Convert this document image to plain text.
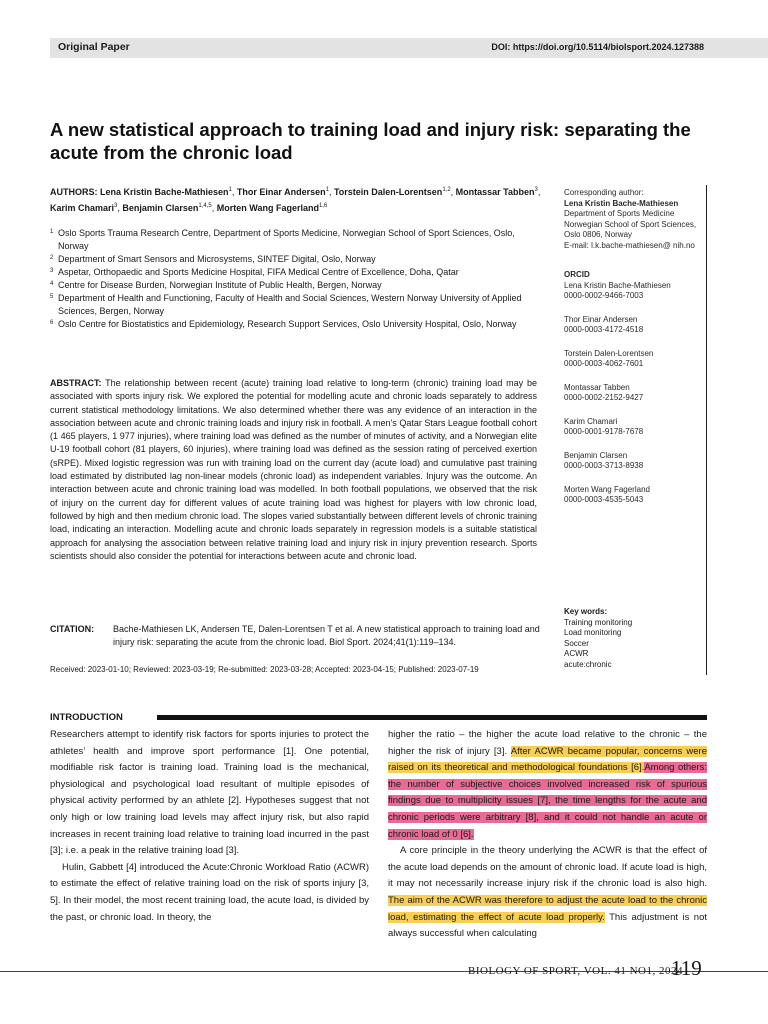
Original Paper	DOI: https://doi.org/10.5114/biolsport.2024.127388
A new statistical approach to training load and injury risk: separating the acute from the chronic load
AUTHORS: Lena Kristin Bache-Mathiesen$^1$, Thor Einar Andersen$^1$, Torstein Dalen-Lorentsen$^{1,2}$, Montassar Tabben$^3$, Karim Chamari$^3$, Benjamin Clarsen$^{1,4,5}$, Morten Wang Fagerland$^{1,6}$
1 Oslo Sports Trauma Research Centre, Department of Sports Medicine, Norwegian School of Sport Sciences, Oslo, Norway
2 Department of Smart Sensors and Microsystems, SINTEF Digital, Oslo, Norway
3 Aspetar, Orthopaedic and Sports Medicine Hospital, FIFA Medical Centre of Excellence, Doha, Qatar
4 Centre for Disease Burden, Norwegian Institute of Public Health, Bergen, Norway
5 Department of Health and Functioning, Faculty of Health and Social Sciences, Western Norway University of Applied Sciences, Bergen, Norway
6 Oslo Centre for Biostatistics and Epidemiology, Research Support Services, Oslo University Hospital, Oslo, Norway
ABSTRACT: The relationship between recent (acute) training load relative to long-term (chronic) training load may be associated with sports injury risk. We explored the potential for modelling acute and chronic loads separately to address current statistical methodology limitations. We also determined whether there was any evidence of an interaction in the association between acute and chronic training loads and injury risk in football. A men’s Qatar Stars League football cohort (1 465 players, 1 977 injuries), where training load was defined as the number of minutes of activity, and a Norwegian elite U-19 football cohort (81 players, 60 injuries), where training load was defined as the session rating of perceived exertion (sRPE). Mixed logistic regression was run with training load on the current day (acute load) and cumulative past training load estimated by distributed lag non-linear models (chronic load) as independent variables. Injury was the outcome. An interaction between acute and chronic training load was modelled. In both football populations, we observed that the risk of injury on the current day for different values of acute training load was highest for players with low chronic load, followed by high and then medium chronic load. The slopes varied substantially between different levels of chronic training load, indicating an interaction. Modelling acute and chronic loads separately in regression models is a suitable statistical approach for analysing the association between relative training load and injury risk in injury prevention research. Sports scientists should also consider the potential for interactions between acute and chronic load.
CITATION: Bache-Mathiesen LK, Andersen TE, Dalen-Lorentsen T et al. A new statistical approach to training load and injury risk: separating the acute from the chronic load. Biol Sport. 2024;41(1):119–134.
Received: 2023-01-10; Reviewed: 2023-03-19; Re-submitted: 2023-03-28; Accepted: 2023-04-15; Published: 2023-07-19
Corresponding author:
Lena Kristin Bache-Mathiesen
Department of Sports Medicine Norwegian School of Sport Sciences, Oslo 0806, Norway
E-mail: l.k.bache-mathiesen@ nih.no
ORCID
Lena Kristin Bache-Mathiesen
0000-0002-9466-7003
Thor Einar Andersen
0000-0003-4172-4518
Torstein Dalen-Lorentsen
0000-0003-4062-7601
Montassar Tabben
0000-0002-2152-9427
Karim Chamari
0000-0001-9178-7678
Benjamin Clarsen
0000-0003-3713-8938
Morten Wang Fagerland
0000-0003-4535-5043
Key words:
Training monitoring
Load monitoring
Soccer
ACWR
acute:chronic
INTRODUCTION

Researchers attempt to identify risk factors for sports injuries to protect the athletes’ health and improve sport performance [1]. One potential, modifiable risk factor is training load. Training load is the mechanical, physiological and psychological load resultant of multiple episodes of physical activity performed by an athlete [2]. Hypotheses suggest that not only high or low training load levels may affect injury risk, but also rapid increases in recent training load relative to training load incurred in the past [3]; i.e. a peak in the relative training load [3].

Hulin, Gabbett [4] introduced the Acute:Chronic Workload Ratio (ACWR) to estimate the effect of relative training load on the risk of sports injury [3, 5]. In their model, the most recent training load, the acute load, is divided by the past, or chronic load. In theory, the

higher the ratio – the higher the acute load relative to the chronic – the higher the risk of injury [3]. After ACWR became popular, concerns were raised on its theoretical and methodological foundations [6].Among others: the number of subjective choices involved increased risk of spurious findings due to multiplicity issues [7], the time lengths for the acute and chronic periods were arbitrary [8], and it could not handle an acute or chronic load of 0 [6].

A core principle in the theory underlying the ACWR is that the effect of the acute load depends on the amount of chronic load. If acute load is high, it may not necessarily increase injury risk if the chronic load is also high. The aim of the ACWR was therefore to adjust the acute load to the chronic load, estimating the effect of acute load properly. This adjustment is not always successful when calculating

BIOLOGY OF SPORT, VOL. 41 NO1, 2024
119
